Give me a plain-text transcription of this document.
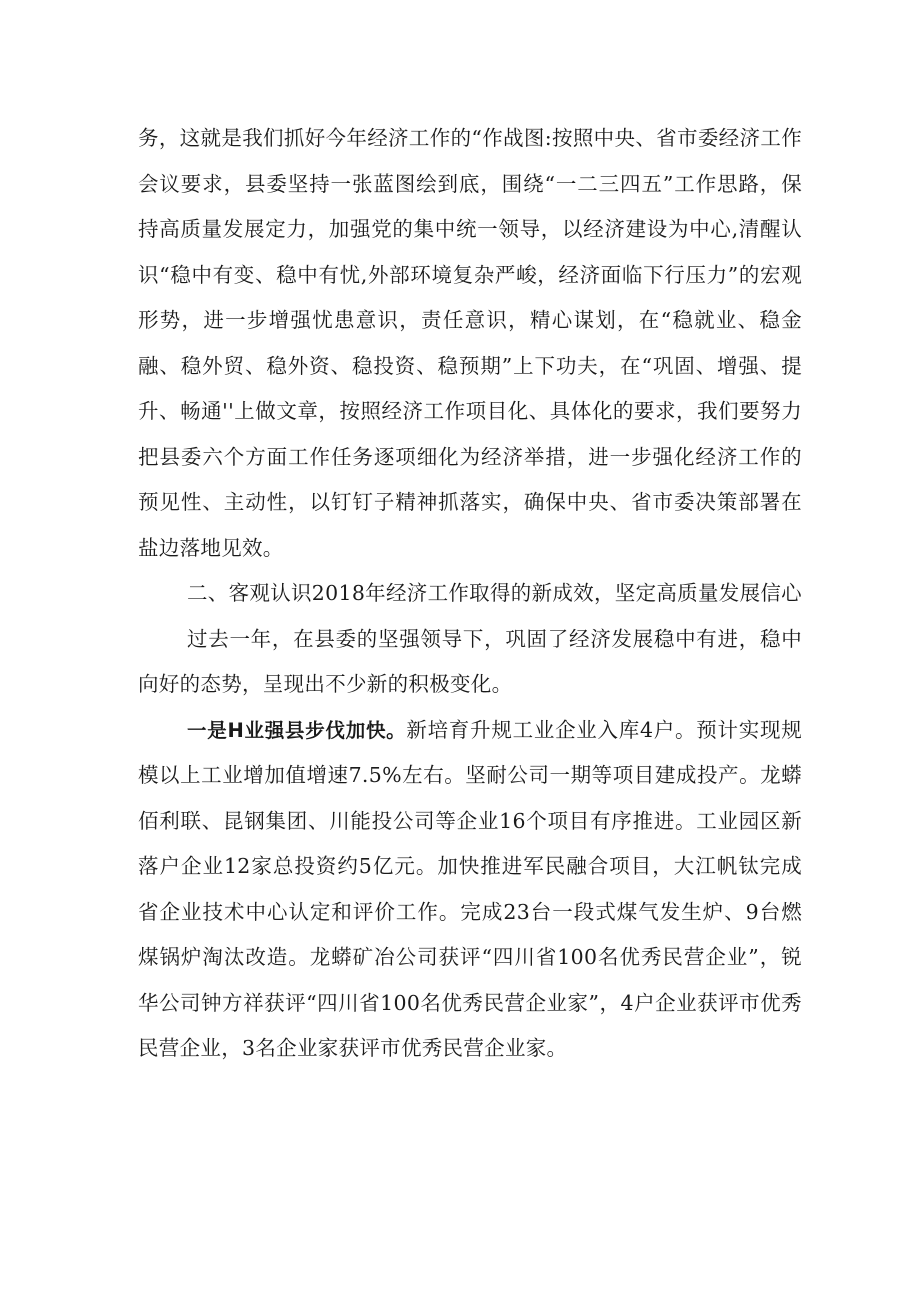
务，这就是我们抓好今年经济工作的“作战图:按照中央、省市委经济工作会议要求，县委坚持一张蓝图绘到底，围绕“一二三四五”工作思路，保持高质量发展定力，加强党的集中统一领导，以经济建设为中心,清醒认识“稳中有变、稳中有忧,外部环境复杂严峻，经济面临下行压力”的宏观形势，进一步增强忧患意识，责任意识，精心谋划，在“稳就业、稳金融、稳外贸、稳外资、稳投资、稳预期”上下功夫，在“巩固、增强、提升、畅通''上做文章，按照经济工作项目化、具体化的要求，我们要努力把县委六个方面工作任务逐项细化为经济举措，进一步强化经济工作的预见性、主动性，以钉钉子精神抓落实，确保中央、省市委决策部署在盐边落地见效。

二、客观认识2018年经济工作取得的新成效，坚定高质量发展信心

过去一年，在县委的坚强领导下，巩固了经济发展稳中有进，稳中向好的态势，呈现出不少新的积极变化。

一是H业强县步伐加快。新培育升规工业企业入库4户。预计实现规模以上工业增加值增速7.5%左右。坚耐公司一期等项目建成投产。龙蟒佰利联、昆钢集团、川能投公司等企业16个项目有序推进。工业园区新落户企业12家总投资约5亿元。加快推进军民融合项目，大江帆钛完成省企业技术中心认定和评价工作。完成23台一段式煤气发生炉、9台燃煤锅炉淘汰改造。龙蟒矿冶公司获评“四川省100名优秀民营企业”，锐华公司钟方祥获评“四川省100名优秀民营企业家”，4户企业获评市优秀民营企业，3名企业家获评市优秀民营企业家。
